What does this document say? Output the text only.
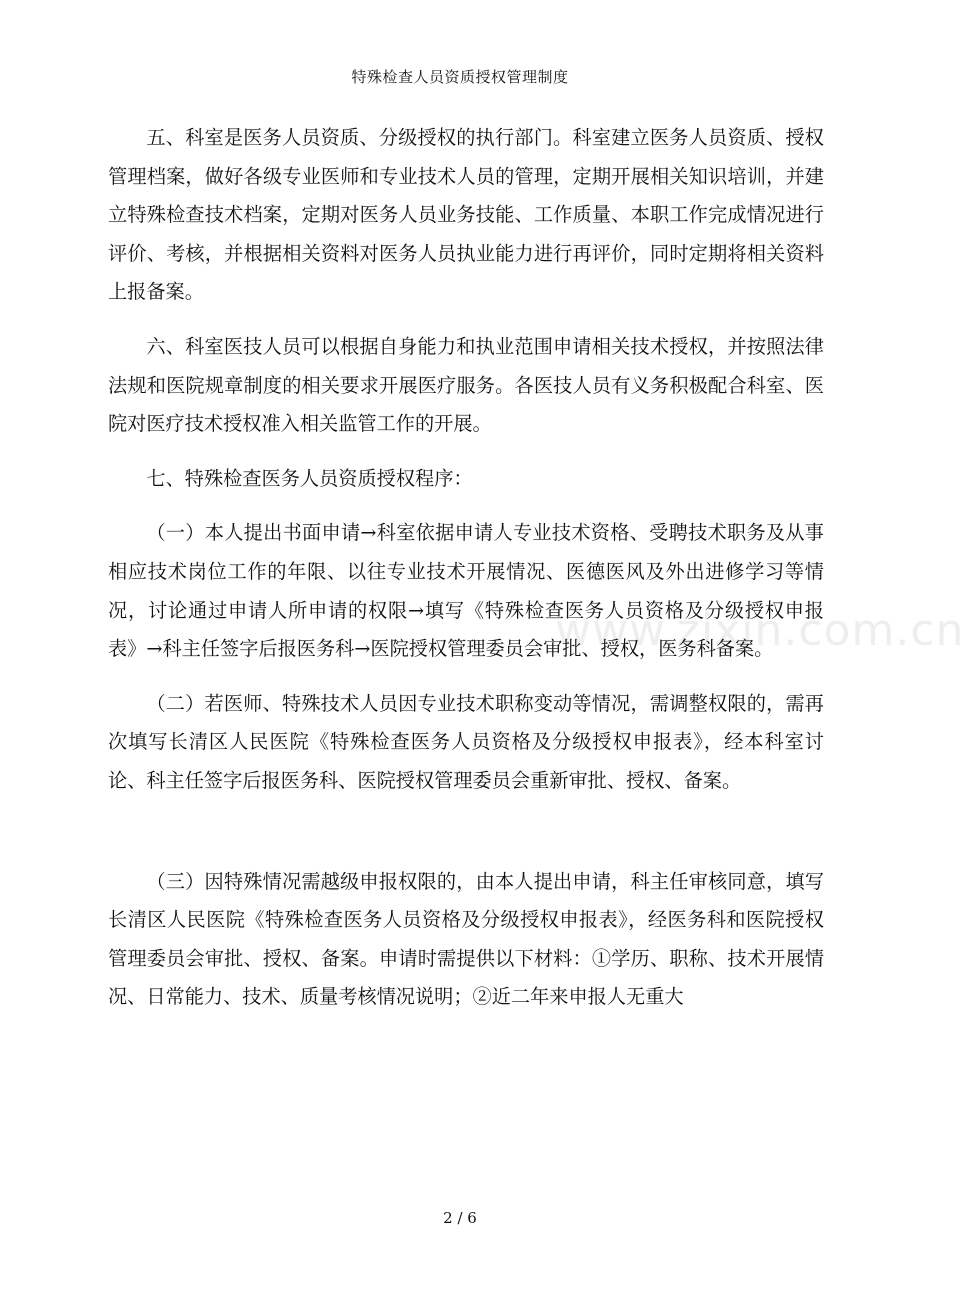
特殊检查人员资质授权管理制度
www.zixin.com.cn

五、科室是医务人员资质、分级授权的执行部门。科室建立医务人员资质、授权管理档案，做好各级专业医师和专业技术人员的管理，定期开展相关知识培训，并建立特殊检查技术档案，定期对医务人员业务技能、工作质量、本职工作完成情况进行评价、考核，并根据相关资料对医务人员执业能力进行再评价，同时定期将相关资料上报备案。

六、科室医技人员可以根据自身能力和执业范围申请相关技术授权，并按照法律法规和医院规章制度的相关要求开展医疗服务。各医技人员有义务积极配合科室、医院对医疗技术授权准入相关监管工作的开展。

七、特殊检查医务人员资质授权程序：

（一）本人提出书面申请→科室依据申请人专业技术资格、受聘技术职务及从事相应技术岗位工作的年限、以往专业技术开展情况、医德医风及外出进修学习等情况，讨论通过申请人所申请的权限→填写《特殊检查医务人员资格及分级授权申报表》→科主任签字后报医务科→医院授权管理委员会审批、授权，医务科备案。

（二）若医师、特殊技术人员因专业技术职称变动等情况，需调整权限的，需再次填写长清区人民医院《特殊检查医务人员资格及分级授权申报表》，经本科室讨论、科主任签字后报医务科、医院授权管理委员会重新审批、授权、备案。

（三）因特殊情况需越级申报权限的，由本人提出申请，科主任审核同意，填写长清区人民医院《特殊检查医务人员资格及分级授权申报表》，经医务科和医院授权管理委员会审批、授权、备案。申请时需提供以下材料：①学历、职称、技术开展情况、日常能力、技术、质量考核情况说明；②近二年来申报人无重大

2 / 6
